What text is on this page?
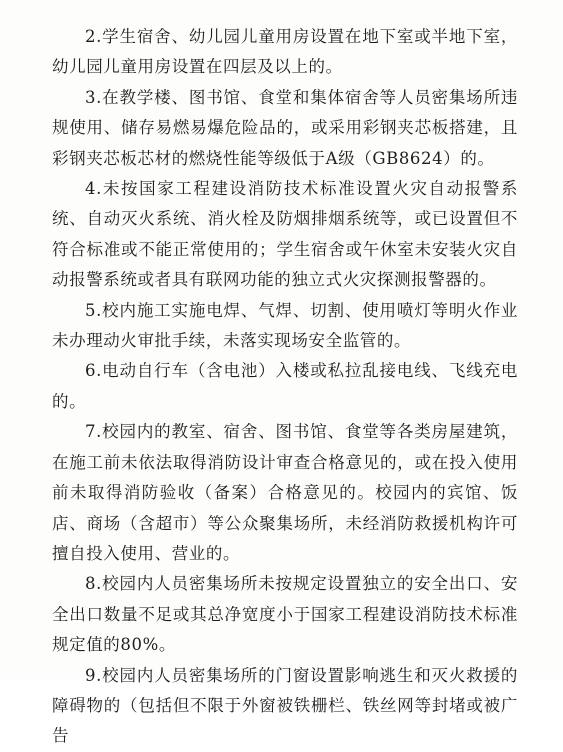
2.学生宿舍、幼儿园儿童用房设置在地下室或半地下室，幼儿园儿童用房设置在四层及以上的。

3.在教学楼、图书馆、食堂和集体宿舍等人员密集场所违规使用、储存易燃易爆危险品的，或采用彩钢夹芯板搭建，且彩钢夹芯板芯材的燃烧性能等级低于A级（GB8624）的。

4.未按国家工程建设消防技术标准设置火灾自动报警系统、自动灭火系统、消火栓及防烟排烟系统等，或已设置但不符合标准或不能正常使用的；学生宿舍或午休室未安装火灾自动报警系统或者具有联网功能的独立式火灾探测报警器的。

5.校内施工实施电焊、气焊、切割、使用喷灯等明火作业未办理动火审批手续，未落实现场安全监管的。

6.电动自行车（含电池）入楼或私拉乱接电线、飞线充电的。

7.校园内的教室、宿舍、图书馆、食堂等各类房屋建筑，在施工前未依法取得消防设计审查合格意见的，或在投入使用前未取得消防验收（备案）合格意见的。校园内的宾馆、饭店、商场（含超市）等公众聚集场所，未经消防救援机构许可擅自投入使用、营业的。

8.校园内人员密集场所未按规定设置独立的安全出口、安全出口数量不足或其总净宽度小于国家工程建设消防技术标准规定值的80%。

9.校园内人员密集场所的门窗设置影响逃生和灭火救援的障碍物的（包括但不限于外窗被铁栅栏、铁丝网等封堵或被广告
